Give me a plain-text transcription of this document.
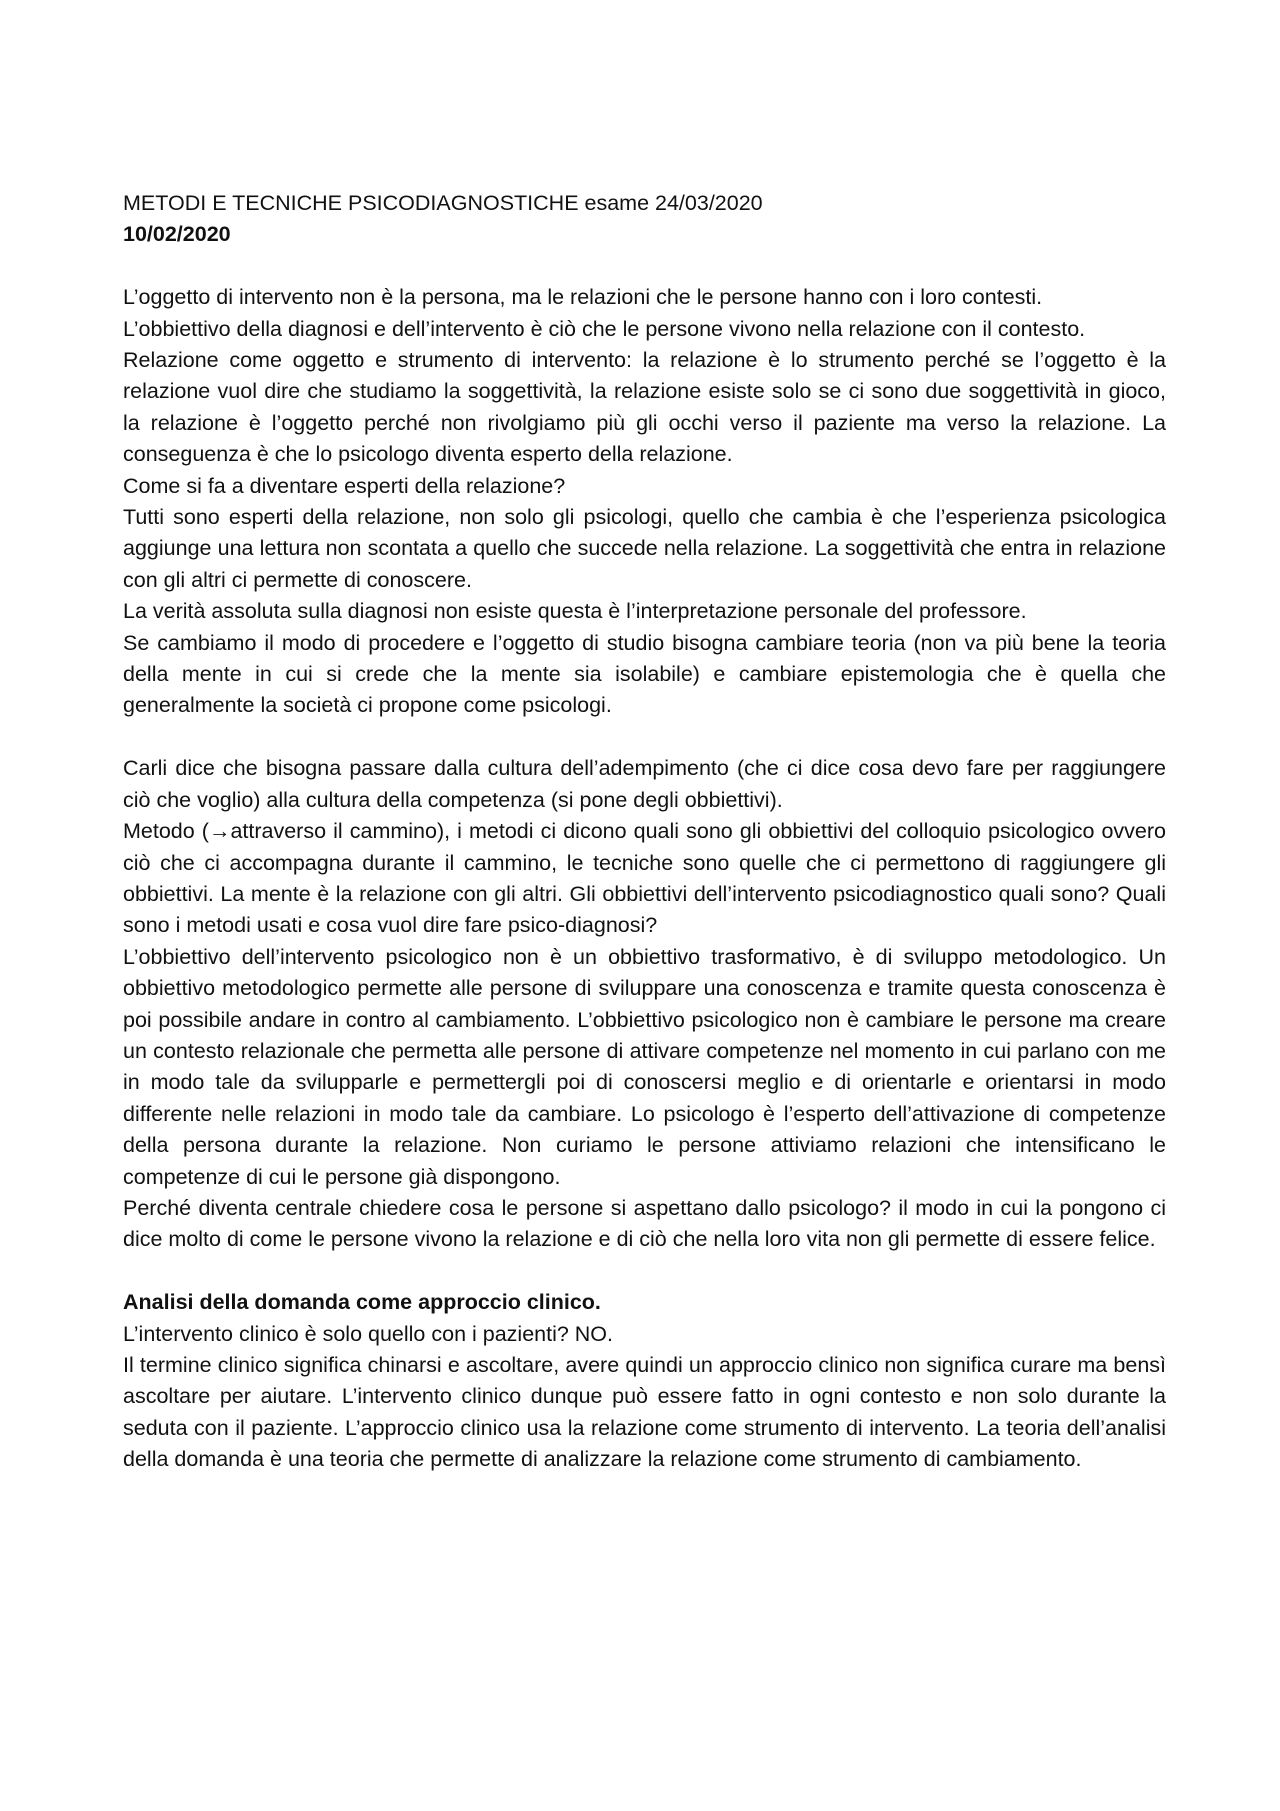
METODI E TECNICHE PSICODIAGNOSTICHE esame 24/03/2020
10/02/2020

L’oggetto di intervento non è la persona, ma le relazioni che le persone hanno con i loro contesti.

L’obbiettivo della diagnosi e dell’intervento è ciò che le persone vivono nella relazione con il contesto.

Relazione come oggetto e strumento di intervento: la relazione è lo strumento perché se l’oggetto è la relazione vuol dire che studiamo la soggettività, la relazione esiste solo se ci sono due soggettività in gioco, la relazione è l’oggetto perché non rivolgiamo più gli occhi verso il paziente ma verso la relazione. La conseguenza è che lo psicologo diventa esperto della relazione.

Come si fa a diventare esperti della relazione?

Tutti sono esperti della relazione, non solo gli psicologi, quello che cambia è che l’esperienza psicologica aggiunge una lettura non scontata a quello che succede nella relazione. La soggettività che entra in relazione con gli altri ci permette di conoscere.

La verità assoluta sulla diagnosi non esiste questa è l’interpretazione personale del professore.

Se cambiamo il modo di procedere e l’oggetto di studio bisogna cambiare teoria (non va più bene la teoria della mente in cui si crede che la mente sia isolabile) e cambiare epistemologia che è quella che generalmente la società ci propone come psicologi.

Carli dice che bisogna passare dalla cultura dell’adempimento (che ci dice cosa devo fare per raggiungere ciò che voglio) alla cultura della competenza (si pone degli obbiettivi).

Metodo (→attraverso il cammino), i metodi ci dicono quali sono gli obbiettivi del colloquio psicologico ovvero ciò che ci accompagna durante il cammino, le tecniche sono quelle che ci permettono di raggiungere gli obbiettivi. La mente è la relazione con gli altri. Gli obbiettivi dell’intervento psicodiagnostico quali sono? Quali sono i metodi usati e cosa vuol dire fare psico-diagnosi?

L’obbiettivo dell’intervento psicologico non è un obbiettivo trasformativo, è di sviluppo metodologico. Un obbiettivo metodologico permette alle persone di sviluppare una conoscenza e tramite questa conoscenza è poi possibile andare in contro al cambiamento. L’obbiettivo psicologico non è cambiare le persone ma creare un contesto relazionale che permetta alle persone di attivare competenze nel momento in cui parlano con me in modo tale da svilupparle e permettergli poi di conoscersi meglio e di orientarle e orientarsi in modo differente nelle relazioni in modo tale da cambiare. Lo psicologo è l’esperto dell’attivazione di competenze della persona durante la relazione. Non curiamo le persone attiviamo relazioni che intensificano le competenze di cui le persone già dispongono.

Perché diventa centrale chiedere cosa le persone si aspettano dallo psicologo? il modo in cui la pongono ci dice molto di come le persone vivono la relazione e di ciò che nella loro vita non gli permette di essere felice.

Analisi della domanda come approccio clinico.

L’intervento clinico è solo quello con i pazienti? NO.

Il termine clinico significa chinarsi e ascoltare, avere quindi un approccio clinico non significa curare ma bensì ascoltare per aiutare. L’intervento clinico dunque può essere fatto in ogni contesto e non solo durante la seduta con il paziente. L’approccio clinico usa la relazione come strumento di intervento. La teoria dell’analisi della domanda è una teoria che permette di analizzare la relazione come strumento di cambiamento.
